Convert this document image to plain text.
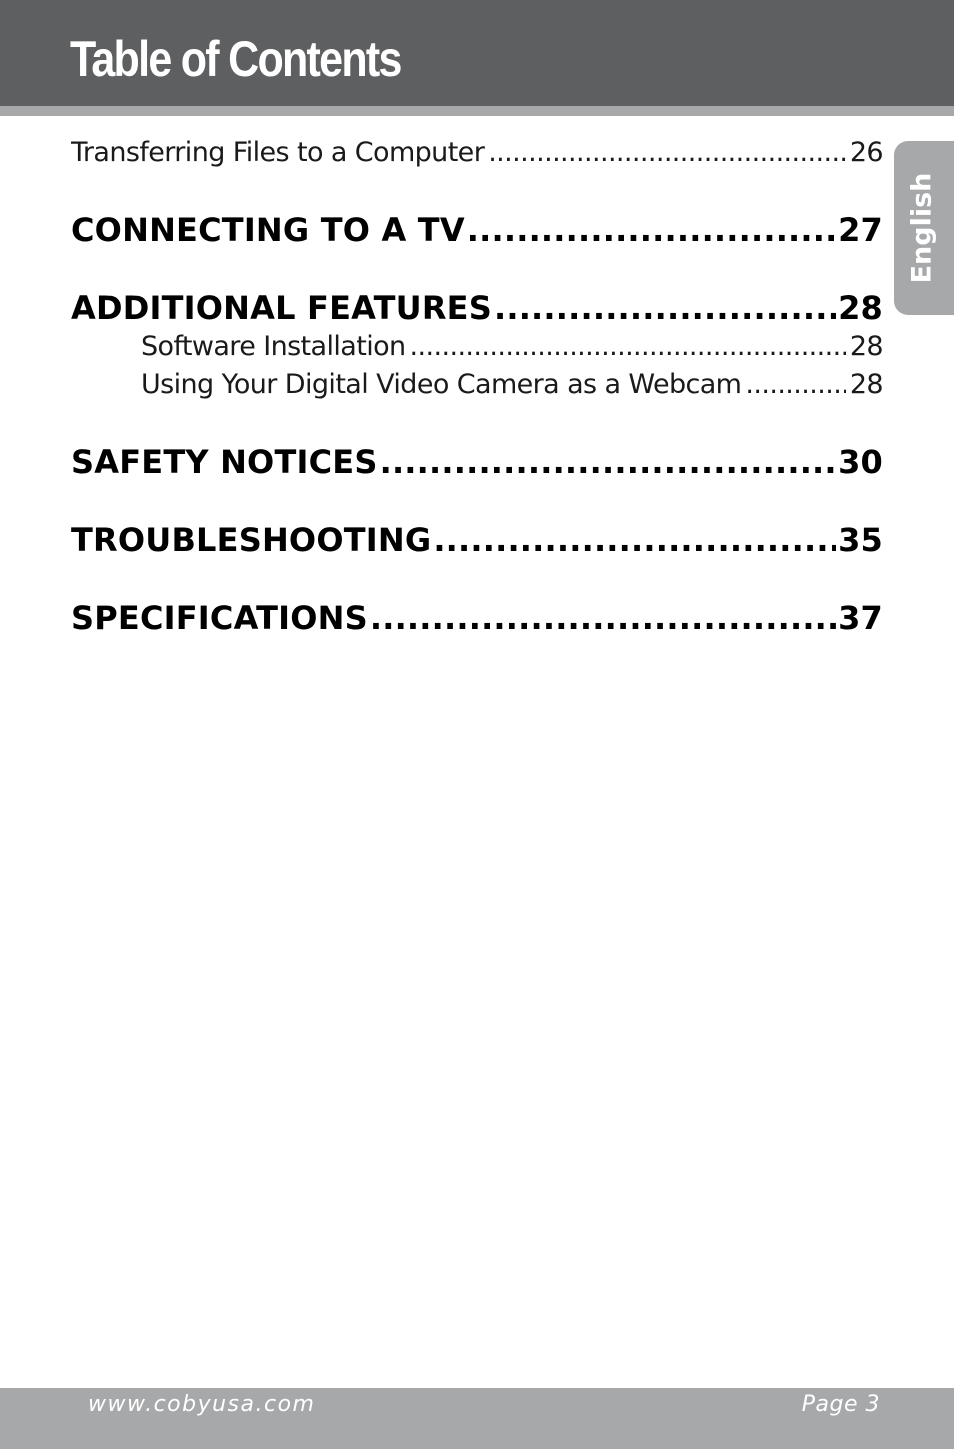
Table of Contents
English
Transferring Files to a Computer .....	26
CONNECTING TO A TV .....	27
ADDITIONAL FEATURES .....	28
Software Installation .....	28
Using Your Digital Video Camera as a Webcam .....	28
SAFETY NOTICES .....	30
TROUBLESHOOTING .....	35
SPECIFICATIONS .....	37
www.cobyusa.com	Page 3
